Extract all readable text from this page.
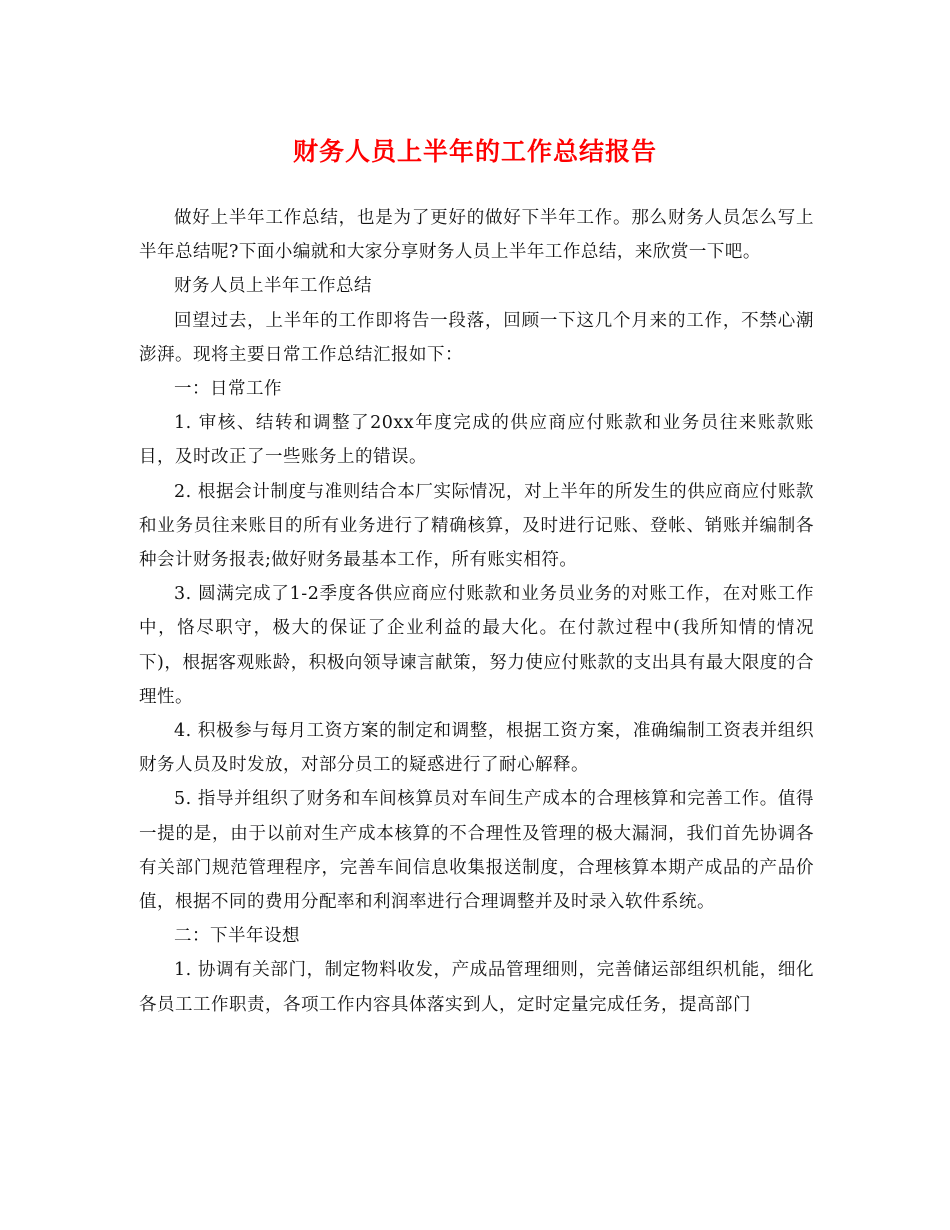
财务人员上半年的工作总结报告

做好上半年工作总结，也是为了更好的做好下半年工作。那么财务人员怎么写上半年总结呢?下面小编就和大家分享财务人员上半年工作总结，来欣赏一下吧。

财务人员上半年工作总结

回望过去，上半年的工作即将告一段落，回顾一下这几个月来的工作，不禁心潮澎湃。现将主要日常工作总结汇报如下：

一：日常工作

1. 审核、结转和调整了20xx年度完成的供应商应付账款和业务员往来账款账目，及时改正了一些账务上的错误。

2. 根据会计制度与准则结合本厂实际情况，对上半年的所发生的供应商应付账款和业务员往来账目的所有业务进行了精确核算，及时进行记账、登帐、销账并编制各种会计财务报表;做好财务最基本工作，所有账实相符。

3. 圆满完成了1-2季度各供应商应付账款和业务员业务的对账工作，在对账工作中，恪尽职守，极大的保证了企业利益的最大化。在付款过程中(我所知情的情况下)，根据客观账龄，积极向领导谏言献策，努力使应付账款的支出具有最大限度的合理性。

4. 积极参与每月工资方案的制定和调整，根据工资方案，准确编制工资表并组织财务人员及时发放，对部分员工的疑惑进行了耐心解释。

5. 指导并组织了财务和车间核算员对车间生产成本的合理核算和完善工作。值得一提的是，由于以前对生产成本核算的不合理性及管理的极大漏洞，我们首先协调各有关部门规范管理程序，完善车间信息收集报送制度，合理核算本期产成品的产品价值，根据不同的费用分配率和利润率进行合理调整并及时录入软件系统。

二：下半年设想

1. 协调有关部门，制定物料收发，产成品管理细则，完善储运部组织机能，细化各员工工作职责，各项工作内容具体落实到人，定时定量完成任务，提高部门
